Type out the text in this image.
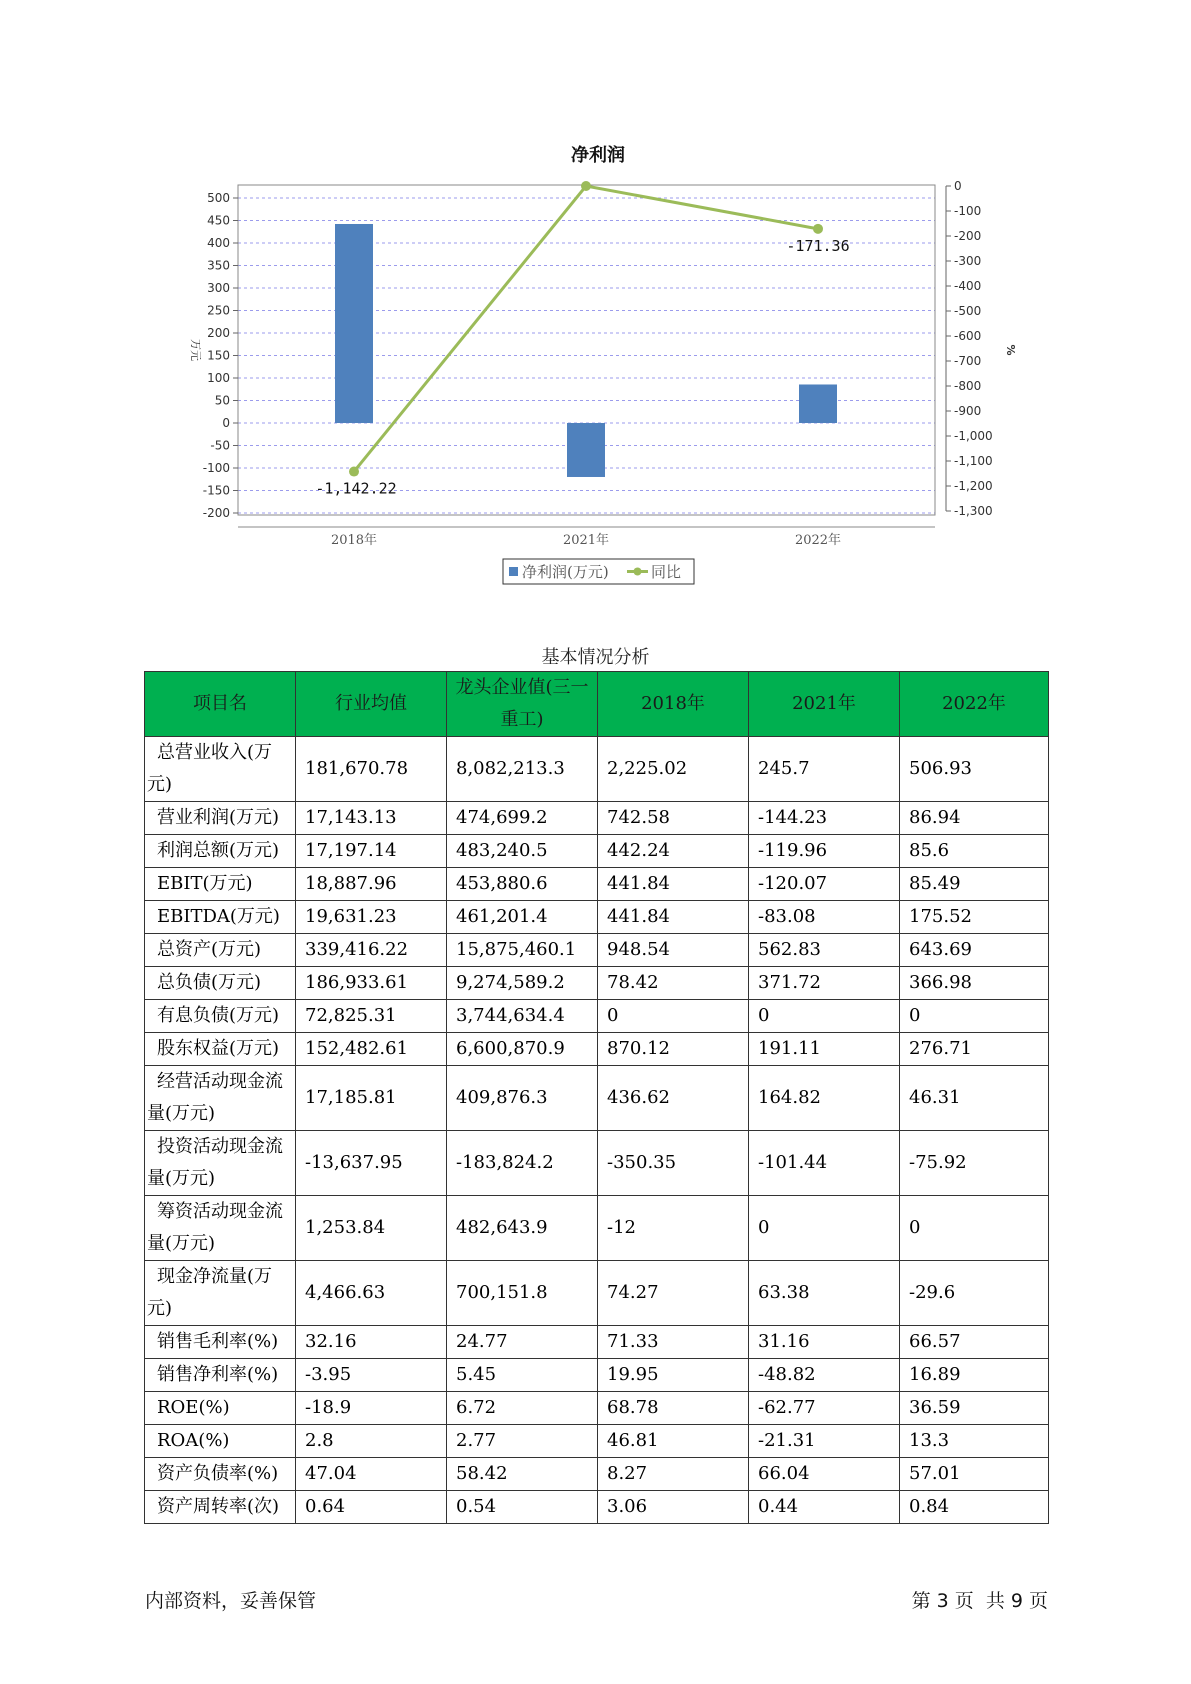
净利润
-200
-150
-100
-50
0
50
100
150
200
250
300
350
400
450
500
0
-100
-200
-300
-400
-500
-600
-700
-800
-900
-1,000
-1,100
-1,200
-1,300
万元	%
-1,142.22
-171.36
2018年	2021年	2022年
净利润(万元)	同比
基本情况分析
项目名	行业均值	龙头企业值(三一重工)	2018年	2021年	2022年
总营业收入(万元)	181,670.78	8,082,213.3	2,225.02	245.7	506.93
营业利润(万元)	17,143.13	474,699.2	742.58	-144.23	86.94
利润总额(万元)	17,197.14	483,240.5	442.24	-119.96	85.6
EBIT(万元)	18,887.96	453,880.6	441.84	-120.07	85.49
EBITDA(万元)	19,631.23	461,201.4	441.84	-83.08	175.52
总资产(万元)	339,416.22	15,875,460.1	948.54	562.83	643.69
总负债(万元)	186,933.61	9,274,589.2	78.42	371.72	366.98
有息负债(万元)	72,825.31	3,744,634.4	0	0	0
股东权益(万元)	152,482.61	6,600,870.9	870.12	191.11	276.71
经营活动现金流量(万元)	17,185.81	409,876.3	436.62	164.82	46.31
投资活动现金流量(万元)	-13,637.95	-183,824.2	-350.35	-101.44	-75.92
筹资活动现金流量(万元)	1,253.84	482,643.9	-12	0	0
现金净流量(万元)	4,466.63	700,151.8	74.27	63.38	-29.6
销售毛利率(%)	32.16	24.77	71.33	31.16	66.57
销售净利率(%)	-3.95	5.45	19.95	-48.82	16.89
ROE(%)	-18.9	6.72	68.78	-62.77	36.59
ROA(%)	2.8	2.77	46.81	-21.31	13.3
资产负债率(%)	47.04	58.42	8.27	66.04	57.01
资产周转率(次)	0.64	0.54	3.06	0.44	0.84
内部资料，妥善保管	第 3 页  共 9 页
